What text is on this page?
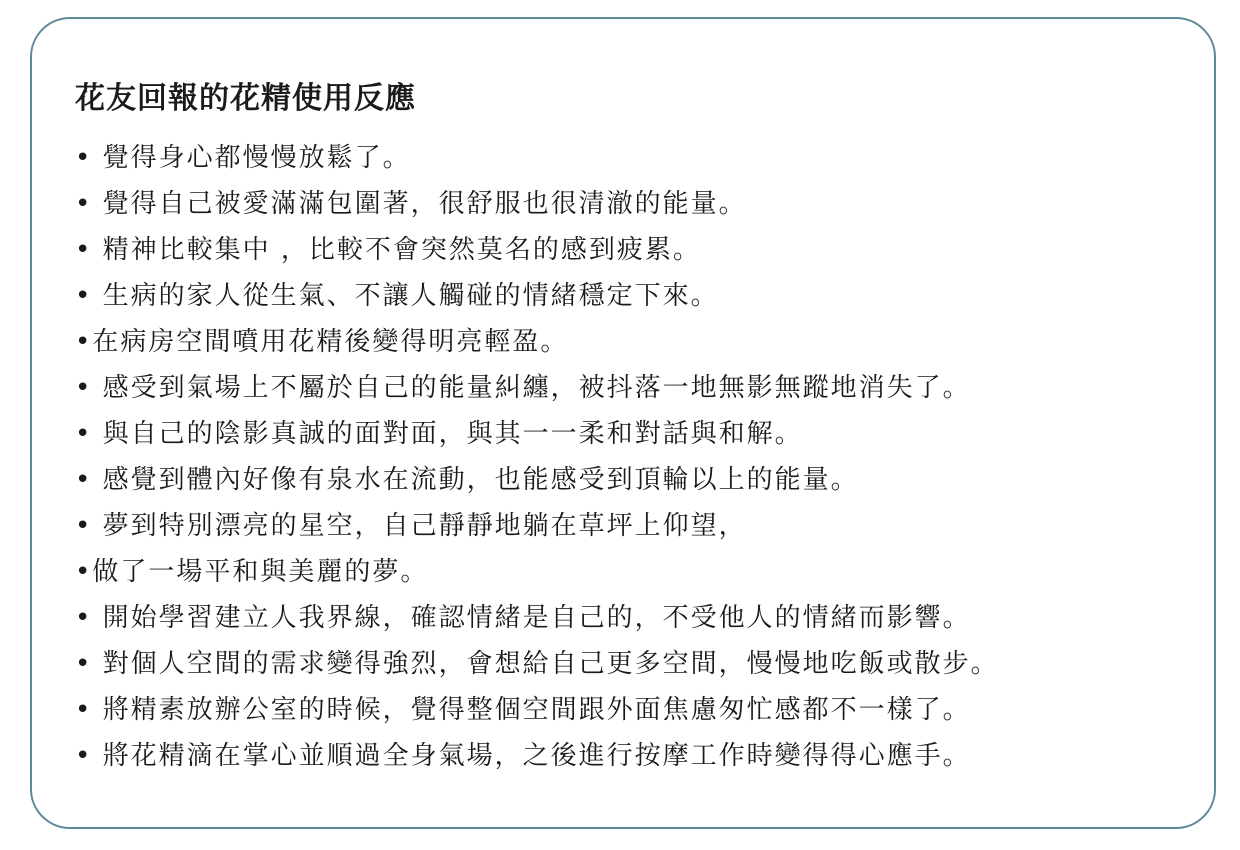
花友回報的花精使用反應
• 覺得身心都慢慢放鬆了。
• 覺得自己被愛滿滿包圍著，很舒服也很清澈的能量。
• 精神比較集中 ，比較不會突然莫名的感到疲累。
• 生病的家人從生氣、不讓人觸碰的情緒穩定下來。
•在病房空間噴用花精後變得明亮輕盈。
• 感受到氣場上不屬於自己的能量糾纏，被抖落一地無影無蹤地消失了。
• 與自己的陰影真誠的面對面，與其一一柔和對話與和解。
• 感覺到體內好像有泉水在流動，也能感受到頂輪以上的能量。
• 夢到特別漂亮的星空，自己靜靜地躺在草坪上仰望，
•做了一場平和與美麗的夢。
• 開始學習建立人我界線，確認情緒是自己的，不受他人的情緒而影響。
• 對個人空間的需求變得強烈，會想給自己更多空間，慢慢地吃飯或散步。
• 將精素放辦公室的時候，覺得整個空間跟外面焦慮匆忙感都不一樣了。
• 將花精滴在掌心並順過全身氣場，之後進行按摩工作時變得得心應手。
